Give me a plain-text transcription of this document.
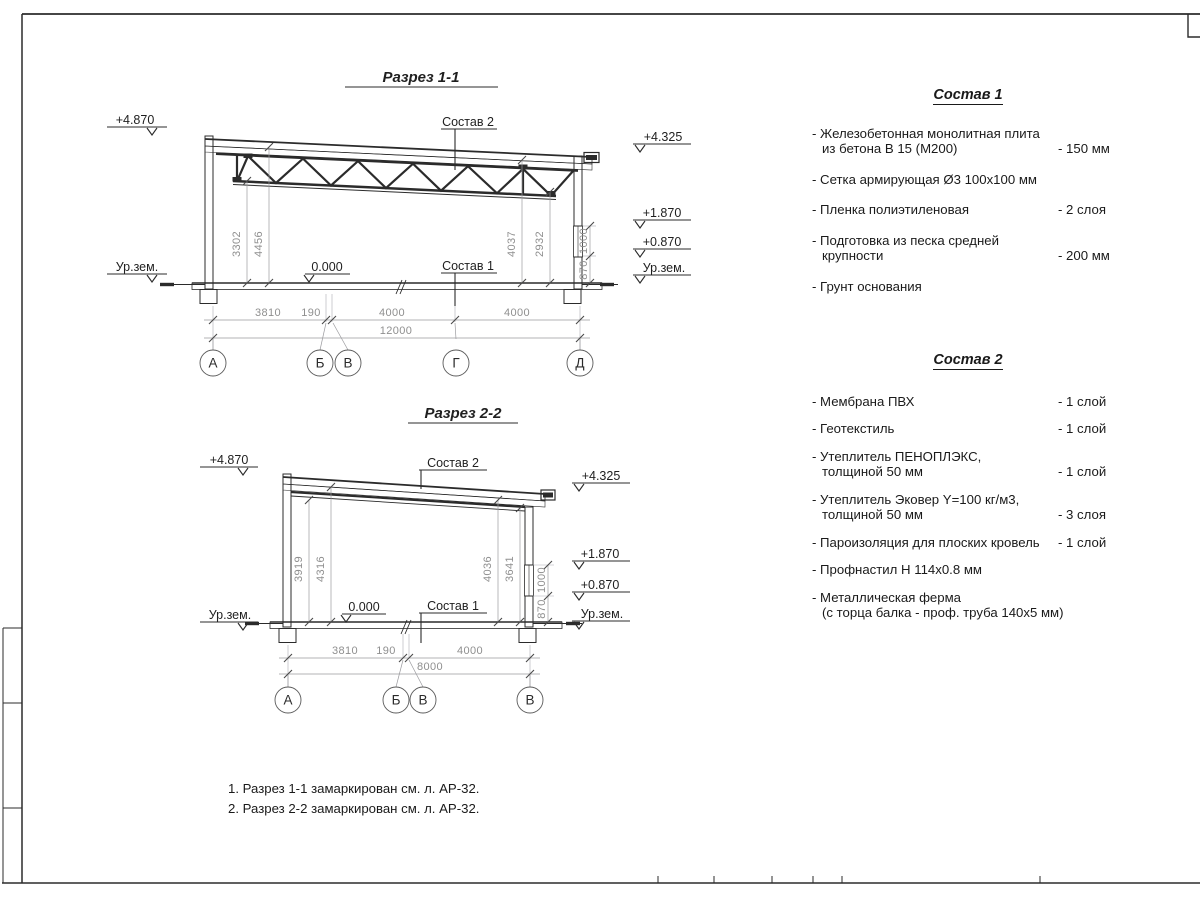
Разрез 1-1
+4.870
Ур.зем.	0.000
+4.325
+1.870
+0.870
Ур.зем.
Состав 2
Состав 1
3302 4456	4037 2932	1000
870
3810 190	4000	4000
12000
А	Б В	Г	Д
Разрез 2-2
+4.870
Ур.зем.
0.000
+4.325
+1.870
+0.870
Ур.зем.
Состав 2
Состав 1
3919 4316	4036 3641 1000
870
3810 190	4000
8000
А	Б В	В
Состав 1
- Железобетонная монолитная плита
из бетона В 15 (М200)	- 150 мм
- Сетка армирующая Ø3 100x100 мм
- Пленка полиэтиленовая	- 2 слоя
- Подготовка из песка средней
крупности	- 200 мм
- Грунт основания
Состав 2
- Мембрана ПВХ	- 1 слой
- Геотекстиль	- 1 слой
- Утеплитель ПЕНОПЛЭКС,
толщиной 50 мм	- 1 слой
- Утеплитель Эковер Y=100 кг/м3,
толщиной 50 мм	- 3 слоя
- Пароизоляция для плоских кровель - 1 слой
- Профнастил Н 114х0.8 мм
- Металлическая ферма
(с торца балка - проф. труба 140х5 мм)
1. Разрез 1-1 замаркирован см. л. АР-32.
2. Разрез 2-2 замаркирован см. л. АР-32.
